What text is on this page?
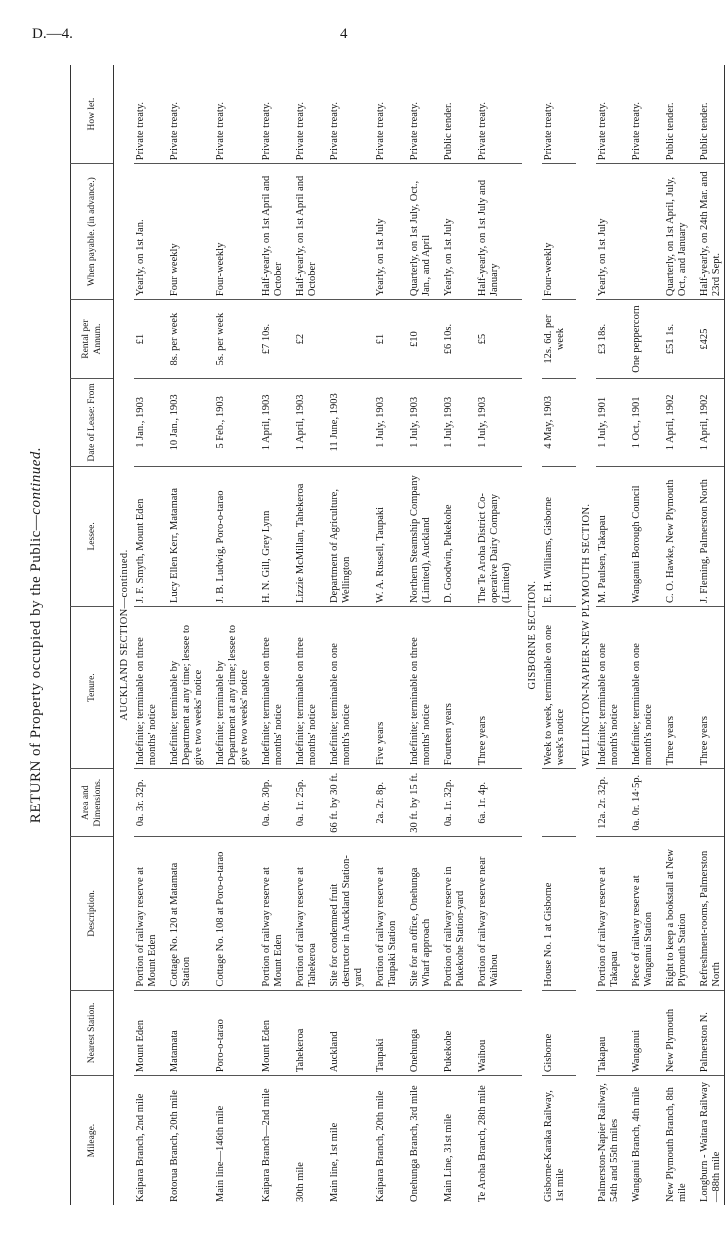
D.—4.	4
RETURN of Property occupied by the Public—continued.
Mileage.	Nearest Station.	Description.	Area and Dimensions.	Tenure.	Lessee.	Date of Lease: From	Rental per Annum.	When payable. (in advance.)	How let.
AUCKLAND SECTION—continued.									
Kaipara Branch, 2nd mile	Mount Eden	Portion of railway reserve at Mount Eden	0a. 3r. 32p.	Indefinite; terminable on three months' notice	J. F. Smyth, Mount Eden	1 Jan., 1903	£1	Yearly, on 1st Jan.	Private treaty.

Rotorua Branch, 20th mile	Matamata	Cottage No. 120 at Matamata Station		Indefinite; terminable by Department at any time; lessee to give two weeks' notice	Lucy Ellen Kerr, Matamata	10 Jan., 1903	8s. per week	Four weekly	Private treaty.

Main line—146th mile	Poro-o-tarao	Cottage No. 108 at Poro-o-tarao		Indefinite; terminable by Department at any time; lessee to give two weeks' notice	J. B. Ludwig, Poro-o-tarao	5 Feb., 1903	5s. per week	Four-weekly	Private treaty.

Kaipara Branch—2nd mile	Mount Eden	Portion of railway reserve at Mount Eden	0a. 0r. 30p.	Indefinite; terminable on three months' notice	H. N. Gill, Grey Lynn	1 April, 1903	£7 10s.	Half-yearly, on 1st April and October	Private treaty.

30th mile	Tahekeroa	Portion of railway reserve at Tahekeroa	0a. 1r. 25p.	Indefinite; terminable on three months' notice	Lizzie McMillan, Tahekeroa	1 April, 1903	£2	Half-yearly, on 1st April and October	Private treaty.

Main line, 1st mile	Auckland	Site for condemned fruit destructor in Auckland Station-yard	66 ft. by 30 ft.	Indefinite; terminable on one month's notice	Department of Agriculture, Wellington	11 June, 1903			Private treaty.

Kaipara Branch, 20th mile	Taupaki	Portion of railway reserve at Taupaki Station	2a. 2r. 8p.	Five years	W. A. Russell, Taupaki	1 July, 1903	£1	Yearly, on 1st July	Private treaty.

Onehunga Branch, 3rd mile	Onehunga	Site for an office, Onehunga Wharf approach	30 ft. by 15 ft.	Indefinite; terminable on three months' notice	Northern Steamship Company (Limited), Auckland	1 July, 1903	£10	Quarterly, on 1st July, Oct., Jan., and April	Private treaty.

Main Line, 31st mile	Pukekohe	Portion of railway reserve in Pukekohe Station-yard	0a. 1r. 32p.	Fourteen years	D. Goodwin, Pukekohe	1 July, 1903	£6 10s.	Yearly, on 1st July	Public tender.

Te Aroha Branch, 28th mile	Waihou	Portion of railway reserve near Waihou	6a. 1r. 4p.	Three years	The Te Aroha District Co-operative Dairy Company (Limited)	1 July, 1903	£5	Half-yearly, on 1st July and January	Private treaty.

GISBORNE SECTION.									
Gisborne-Karaka Railway, 1st mile	Gisborne	House No. 1 at Gisborne		Week to week, terminable on one week's notice	E. H. Williams, Gisborne	4 May, 1903	12s. 6d. per week	Four-weekly	Private treaty.

WELLINGTON-NAPIER-NEW PLYMOUTH SECTION.									
Palmerston-Napier Railway, 54th and 55th miles	Takapau	Portion of railway reserve at Takapau	12a. 2r. 32p.	Indefinite; terminable on one month's notice	M. Paulsen, Takapau	1 July, 1901	£3 18s.	Yearly, on 1st July	Private treaty.

Wanganui Branch, 4th mile	Wanganui	Piece of railway reserve at Wanganui Station	0a. 0r. 14·5p.	Indefinite; terminable on one month's notice	Wanganui Borough Council	1 Oct., 1901	One peppercorn		Private treaty.

New Plymouth Branch, 8th mile	New Plymouth	Right to keep a bookstall at New Plymouth Station		Three years	C. O. Hawke, New Plymouth	1 April, 1902	£51 1s.	Quarterly, on 1st April, July, Oct., and January	Public tender.

Longburn - Waitara Railway—88th mile	Palmerston N.	Refreshment-rooms, Palmerston North		Three years	J. Fleming, Palmerston North	1 April, 1902	£425	Half-yearly, on 24th Mar. and 23rd Sept.	Public tender.
